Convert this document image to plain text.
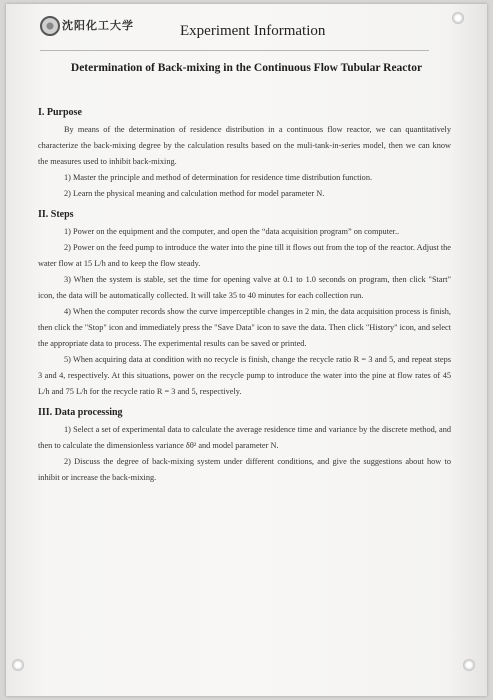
沈阳化工大学	Experiment Information
Determination of Back-mixing in the Continuous Flow Tubular Reactor

I. Purpose

By means of the determination of residence distribution in a continuous flow reactor, we can quantitatively characterize the back-mixing degree by the calculation results based on the muli-tank-in-series model, then we can know the measures used to inhibit back-mixing.

1) Master the principle and method of determination for residence time distribution function.

2) Learn the physical meaning and calculation method for model parameter N.

II. Steps

1) Power on the equipment and the computer, and open the “data acquisition program” on computer..

2) Power on the feed pump to introduce the water into the pine till it flows out from the top of the reactor. Adjust the water flow at 15 L/h and to keep the flow steady.

3) When the system is stable, set the time for opening valve at 0.1 to 1.0 seconds on program, then click "Start" icon, the data will be automatically collected. It will take 35 to 40 minutes for each collection run.

4) When the computer records show the curve imperceptible changes in 2 min, the data acquisition process is finish, then click the "Stop" icon and immediately press the "Save Data" icon to save the data. Then click "History" icon, and select the appropriate data to process. The experimental results can be saved or printed.

5) When acquiring data at condition with no recycle is finish, change the recycle ratio R = 3 and 5, and repeat steps 3 and 4, respectively. At this situations, power on the recycle pump to introduce the water into the pine at flow rates of 45 L/h and 75 L/h for the recycle ratio R = 3 and 5, respectively.

III. Data processing

1) Select a set of experimental data to calculate the average residence time and variance by the discrete method, and then to calculate the dimensionless variance δθ² and model parameter N.

2) Discuss the degree of back-mixing system under different conditions, and give the suggestions about how to inhibit or increase the back-mixing.
